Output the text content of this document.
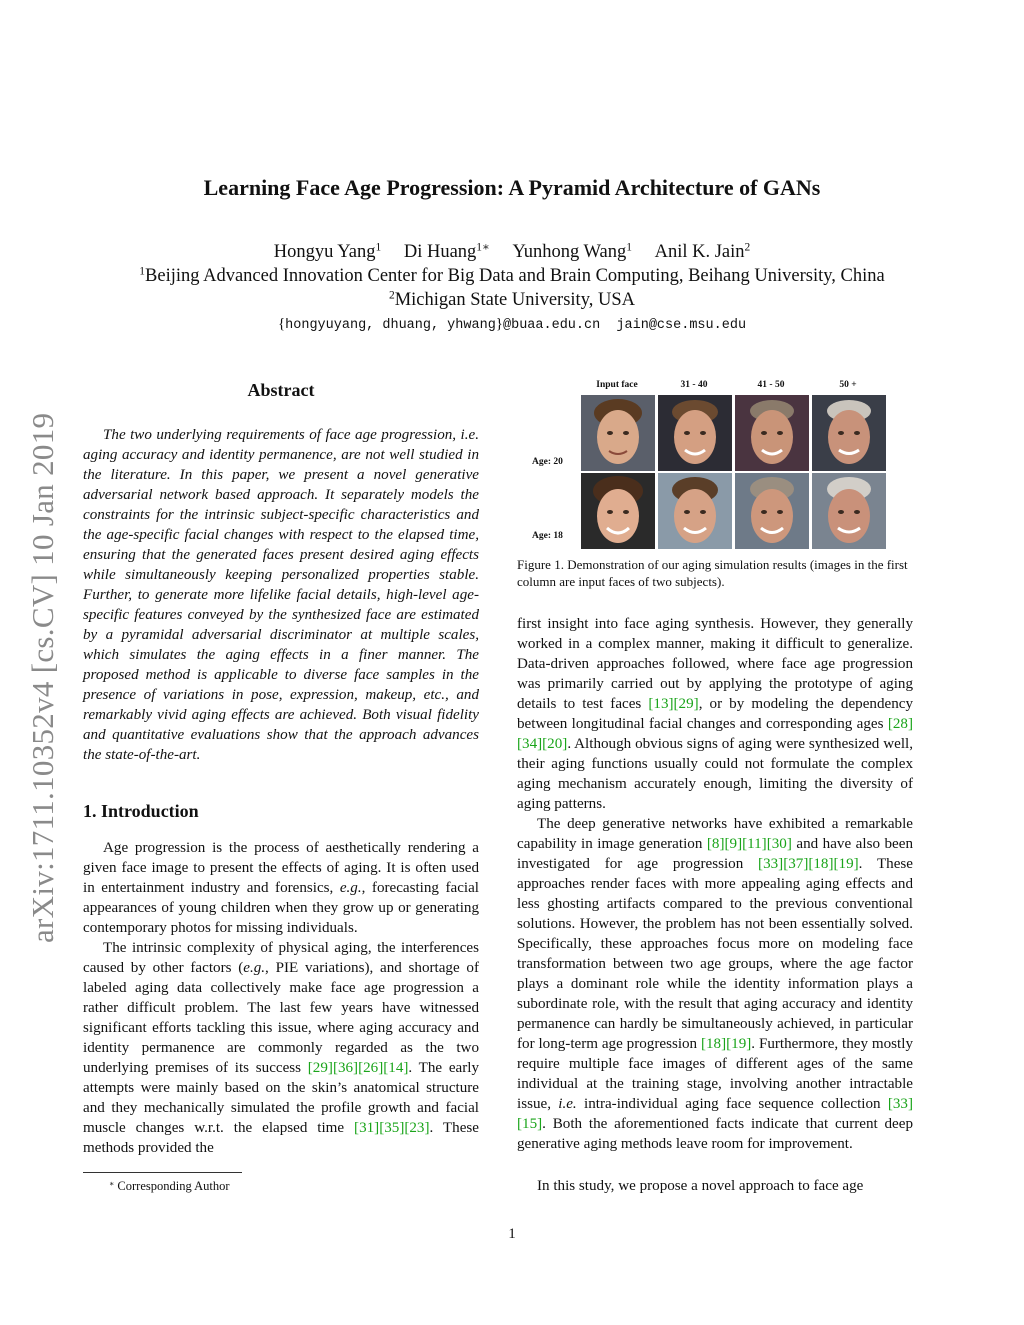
arXiv:1711.10352v4 [cs.CV] 10 Jan 2019
Learning Face Age Progression: A Pyramid Architecture of GANs
Hongyu Yang$^1$ Di Huang$^{1∗}$ Yunhong Wang$^1$ Anil K. Jain$^2$
$^1$Beijing Advanced Innovation Center for Big Data and Brain Computing, Beihang University, China
$^2$Michigan State University, USA
{hongyuyang, dhuang, yhwang}@buaa.edu.cn jain@cse.msu.edu
Abstract

The two underlying requirements of face age progression, i.e. aging accuracy and identity permanence, are not well studied in the literature. In this paper, we present a novel generative adversarial network based approach. It separately models the constraints for the intrinsic subject-specific characteristics and the age-specific facial changes with respect to the elapsed time, ensuring that the generated faces present desired aging effects while simultaneously keeping personalized properties stable. Further, to generate more lifelike facial details, high-level age-specific features conveyed by the synthesized face are estimated by a pyramidal adversarial discriminator at multiple scales, which simulates the aging effects in a finer manner. The proposed method is applicable to diverse face samples in the presence of variations in pose, expression, makeup, etc., and remarkably vivid aging effects are achieved. Both visual fidelity and quantitative evaluations show that the approach advances the state-of-the-art.

1. Introduction

Age progression is the process of aesthetically rendering a given face image to present the effects of aging. It is often used in entertainment industry and forensics, e.g., forecasting facial appearances of young children when they grow up or generating contemporary photos for missing individuals.

The intrinsic complexity of physical aging, the interferences caused by other factors (e.g., PIE variations), and shortage of labeled aging data collectively make face age progression a rather difficult problem. The last few years have witnessed significant efforts tackling this issue, where aging accuracy and identity permanence are commonly regarded as the two underlying premises of its success [29][36][26][14]. The early attempts were mainly based on the skin’s anatomical structure and they mechanically simulated the profile growth and facial muscle changes w.r.t. the elapsed time [31][35][23]. These methods provided the

∗ Corresponding Author
Input face	31 - 40	41 - 50	50 +
Age: 20
Age: 18
Figure 1. Demonstration of our aging simulation results (images in the first column are input faces of two subjects).

first insight into face aging synthesis. However, they generally worked in a complex manner, making it difficult to generalize. Data-driven approaches followed, where face age progression was primarily carried out by applying the prototype of aging details to test faces [13][29], or by modeling the dependency between longitudinal facial changes and corresponding ages [28][34][20]. Although obvious signs of aging were synthesized well, their aging functions usually could not formulate the complex aging mechanism accurately enough, limiting the diversity of aging patterns.

The deep generative networks have exhibited a remarkable capability in image generation [8][9][11][30] and have also been investigated for age progression [33][37][18][19]. These approaches render faces with more appealing aging effects and less ghosting artifacts compared to the previous conventional solutions. However, the problem has not been essentially solved. Specifically, these approaches focus more on modeling face transformation between two age groups, where the age factor plays a dominant role while the identity information plays a subordinate role, with the result that aging accuracy and identity permanence can hardly be simultaneously achieved, in particular for long-term age progression [18][19]. Furthermore, they mostly require multiple face images of different ages of the same individual at the training stage, involving another intractable issue, i.e. intra-individual aging face sequence collection [33][15]. Both the aforementioned facts indicate that current deep generative aging methods leave room for improvement.

In this study, we propose a novel approach to face age

1
